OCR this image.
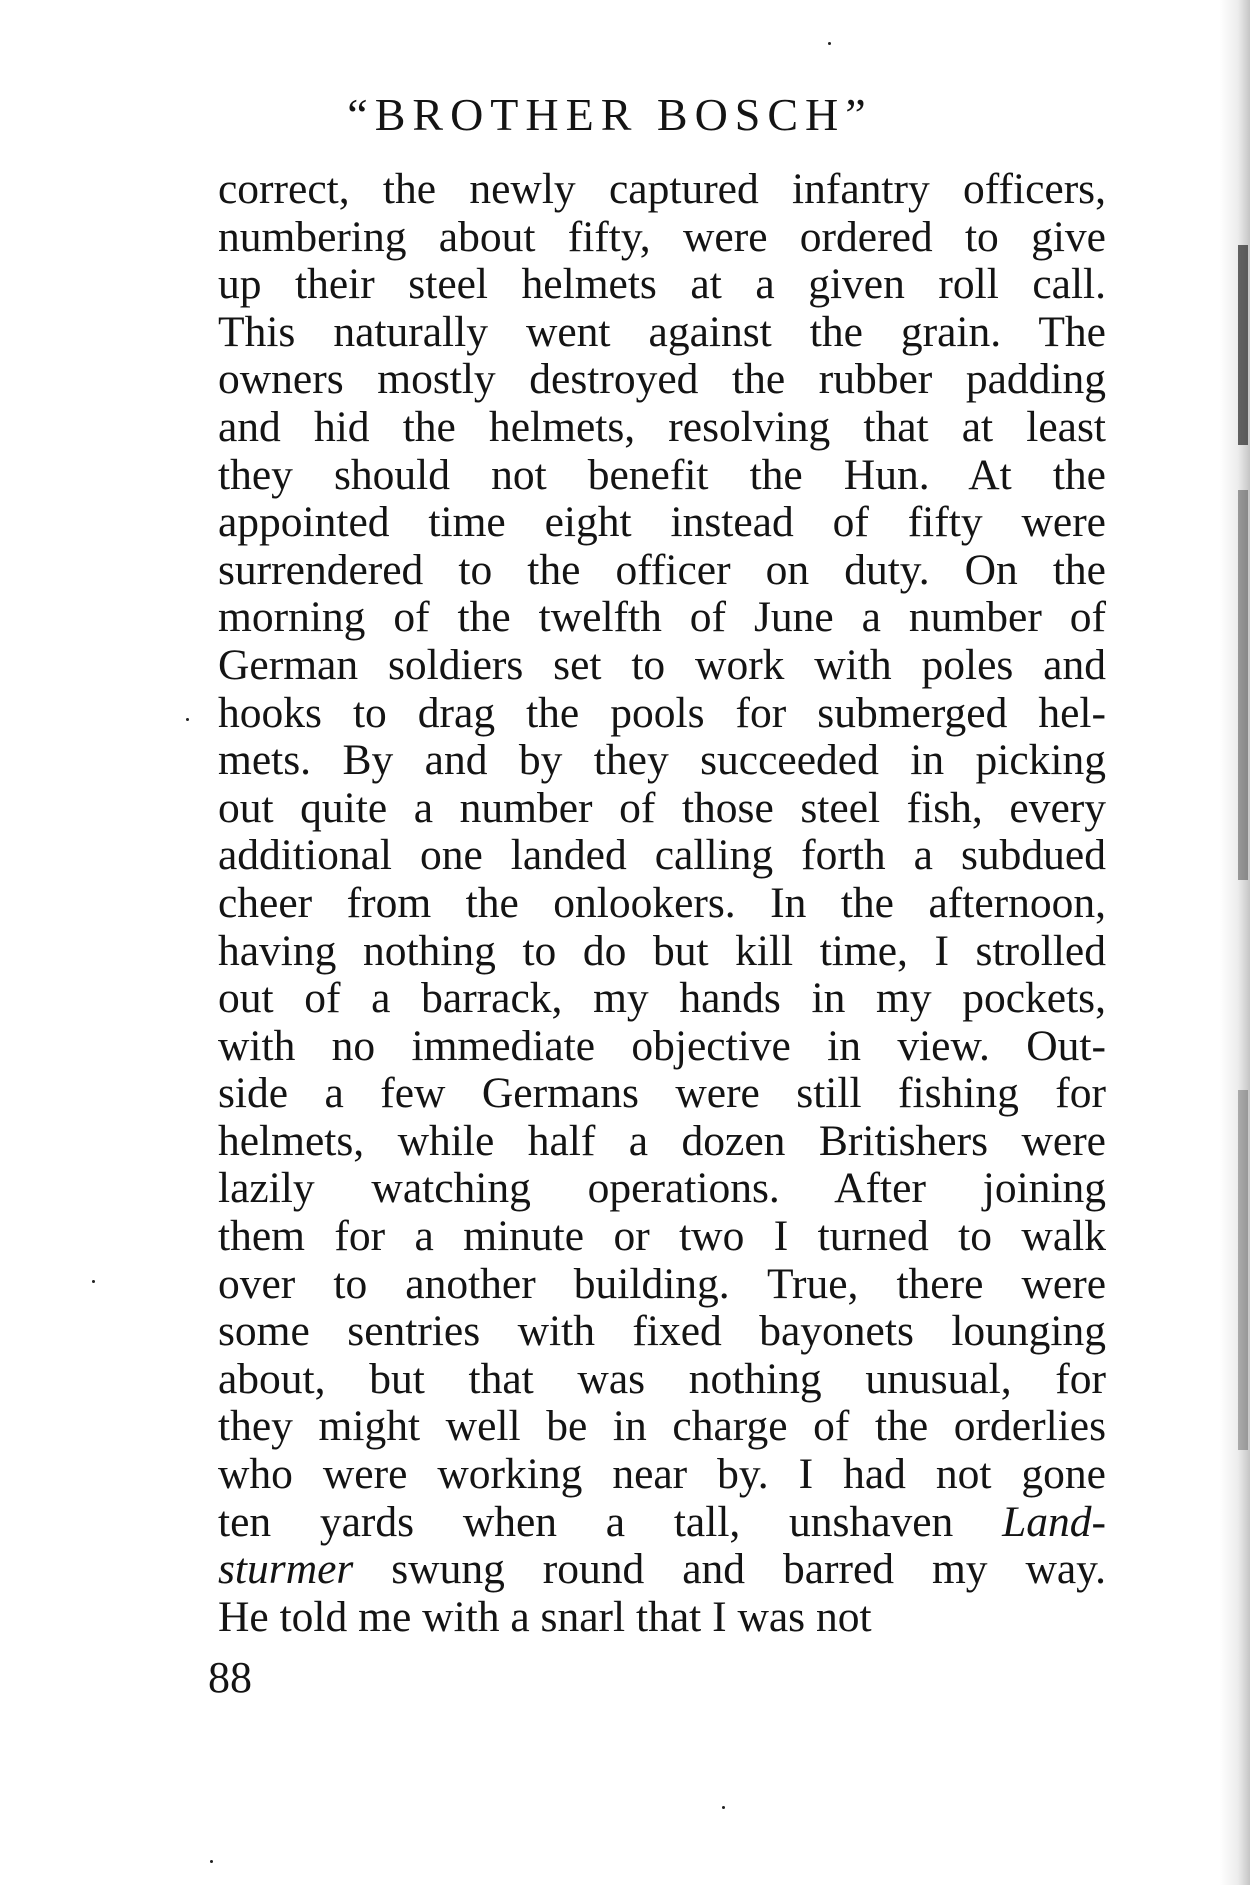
“BROTHER BOSCH”
correct, the newly captured infantry officers,
numbering about fifty, were ordered to give
up their steel helmets at a given roll call.
This naturally went against the grain. The
owners mostly destroyed the rubber padding
and hid the helmets, resolving that at least
they should not benefit the Hun. At the
appointed time eight instead of fifty were
surrendered to the officer on duty. On the
morning of the twelfth of June a number of
German soldiers set to work with poles and
hooks to drag the pools for submerged hel-
mets. By and by they succeeded in picking
out quite a number of those steel fish, every
additional one landed calling forth a subdued
cheer from the onlookers. In the afternoon,
having nothing to do but kill time, I strolled
out of a barrack, my hands in my pockets,
with no immediate objective in view. Out-
side a few Germans were still fishing for
helmets, while half a dozen Britishers were
lazily watching operations. After joining
them for a minute or two I turned to walk
over to another building. True, there were
some sentries with fixed bayonets lounging
about, but that was nothing unusual, for
they might well be in charge of the orderlies
who were working near by. I had not gone
ten yards when a tall, unshaven Land-
sturmer swung round and barred my way.
He told me with a snarl that I was not
88
